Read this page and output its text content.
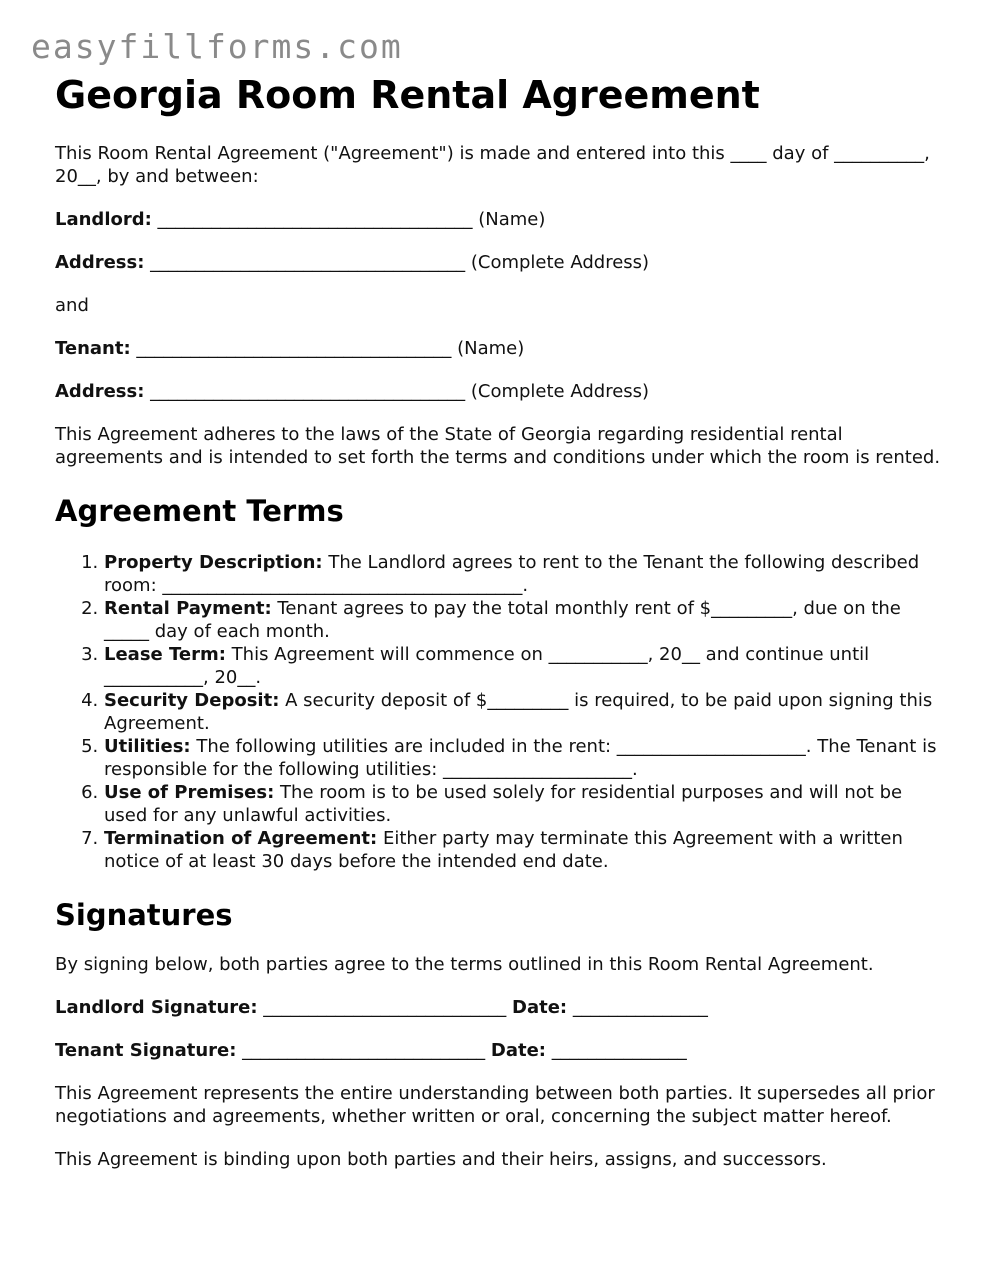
easyfillforms.com
Georgia Room Rental Agreement

This Room Rental Agreement ("Agreement") is made and entered into this ____ day of __________, 20__, by and between:

Landlord: ___________________________________ (Name)

Address: ___________________________________ (Complete Address)

and

Tenant: ___________________________________ (Name)

Address: ___________________________________ (Complete Address)

This Agreement adheres to the laws of the State of Georgia regarding residential rental agreements and is intended to set forth the terms and conditions under which the room is rented.

Agreement Terms
1. Property Description: The Landlord agrees to rent to the Tenant the following described room: ________________________________________.
2. Rental Payment: Tenant agrees to pay the total monthly rent of $_________, due on the _____ day of each month.
3. Lease Term: This Agreement will commence on ___________, 20__ and continue until ___________, 20__.
4. Security Deposit: A security deposit of $_________ is required, to be paid upon signing this Agreement.
5. Utilities: The following utilities are included in the rent: _____________________. The Tenant is responsible for the following utilities: _____________________.
6. Use of Premises: The room is to be used solely for residential purposes and will not be used for any unlawful activities.
7. Termination of Agreement: Either party may terminate this Agreement with a written notice of at least 30 days before the intended end date.
Signatures

By signing below, both parties agree to the terms outlined in this Room Rental Agreement.

Landlord Signature: ___________________________ Date: _______________

Tenant Signature: ___________________________ Date: _______________

This Agreement represents the entire understanding between both parties. It supersedes all prior negotiations and agreements, whether written or oral, concerning the subject matter hereof.

This Agreement is binding upon both parties and their heirs, assigns, and successors.
